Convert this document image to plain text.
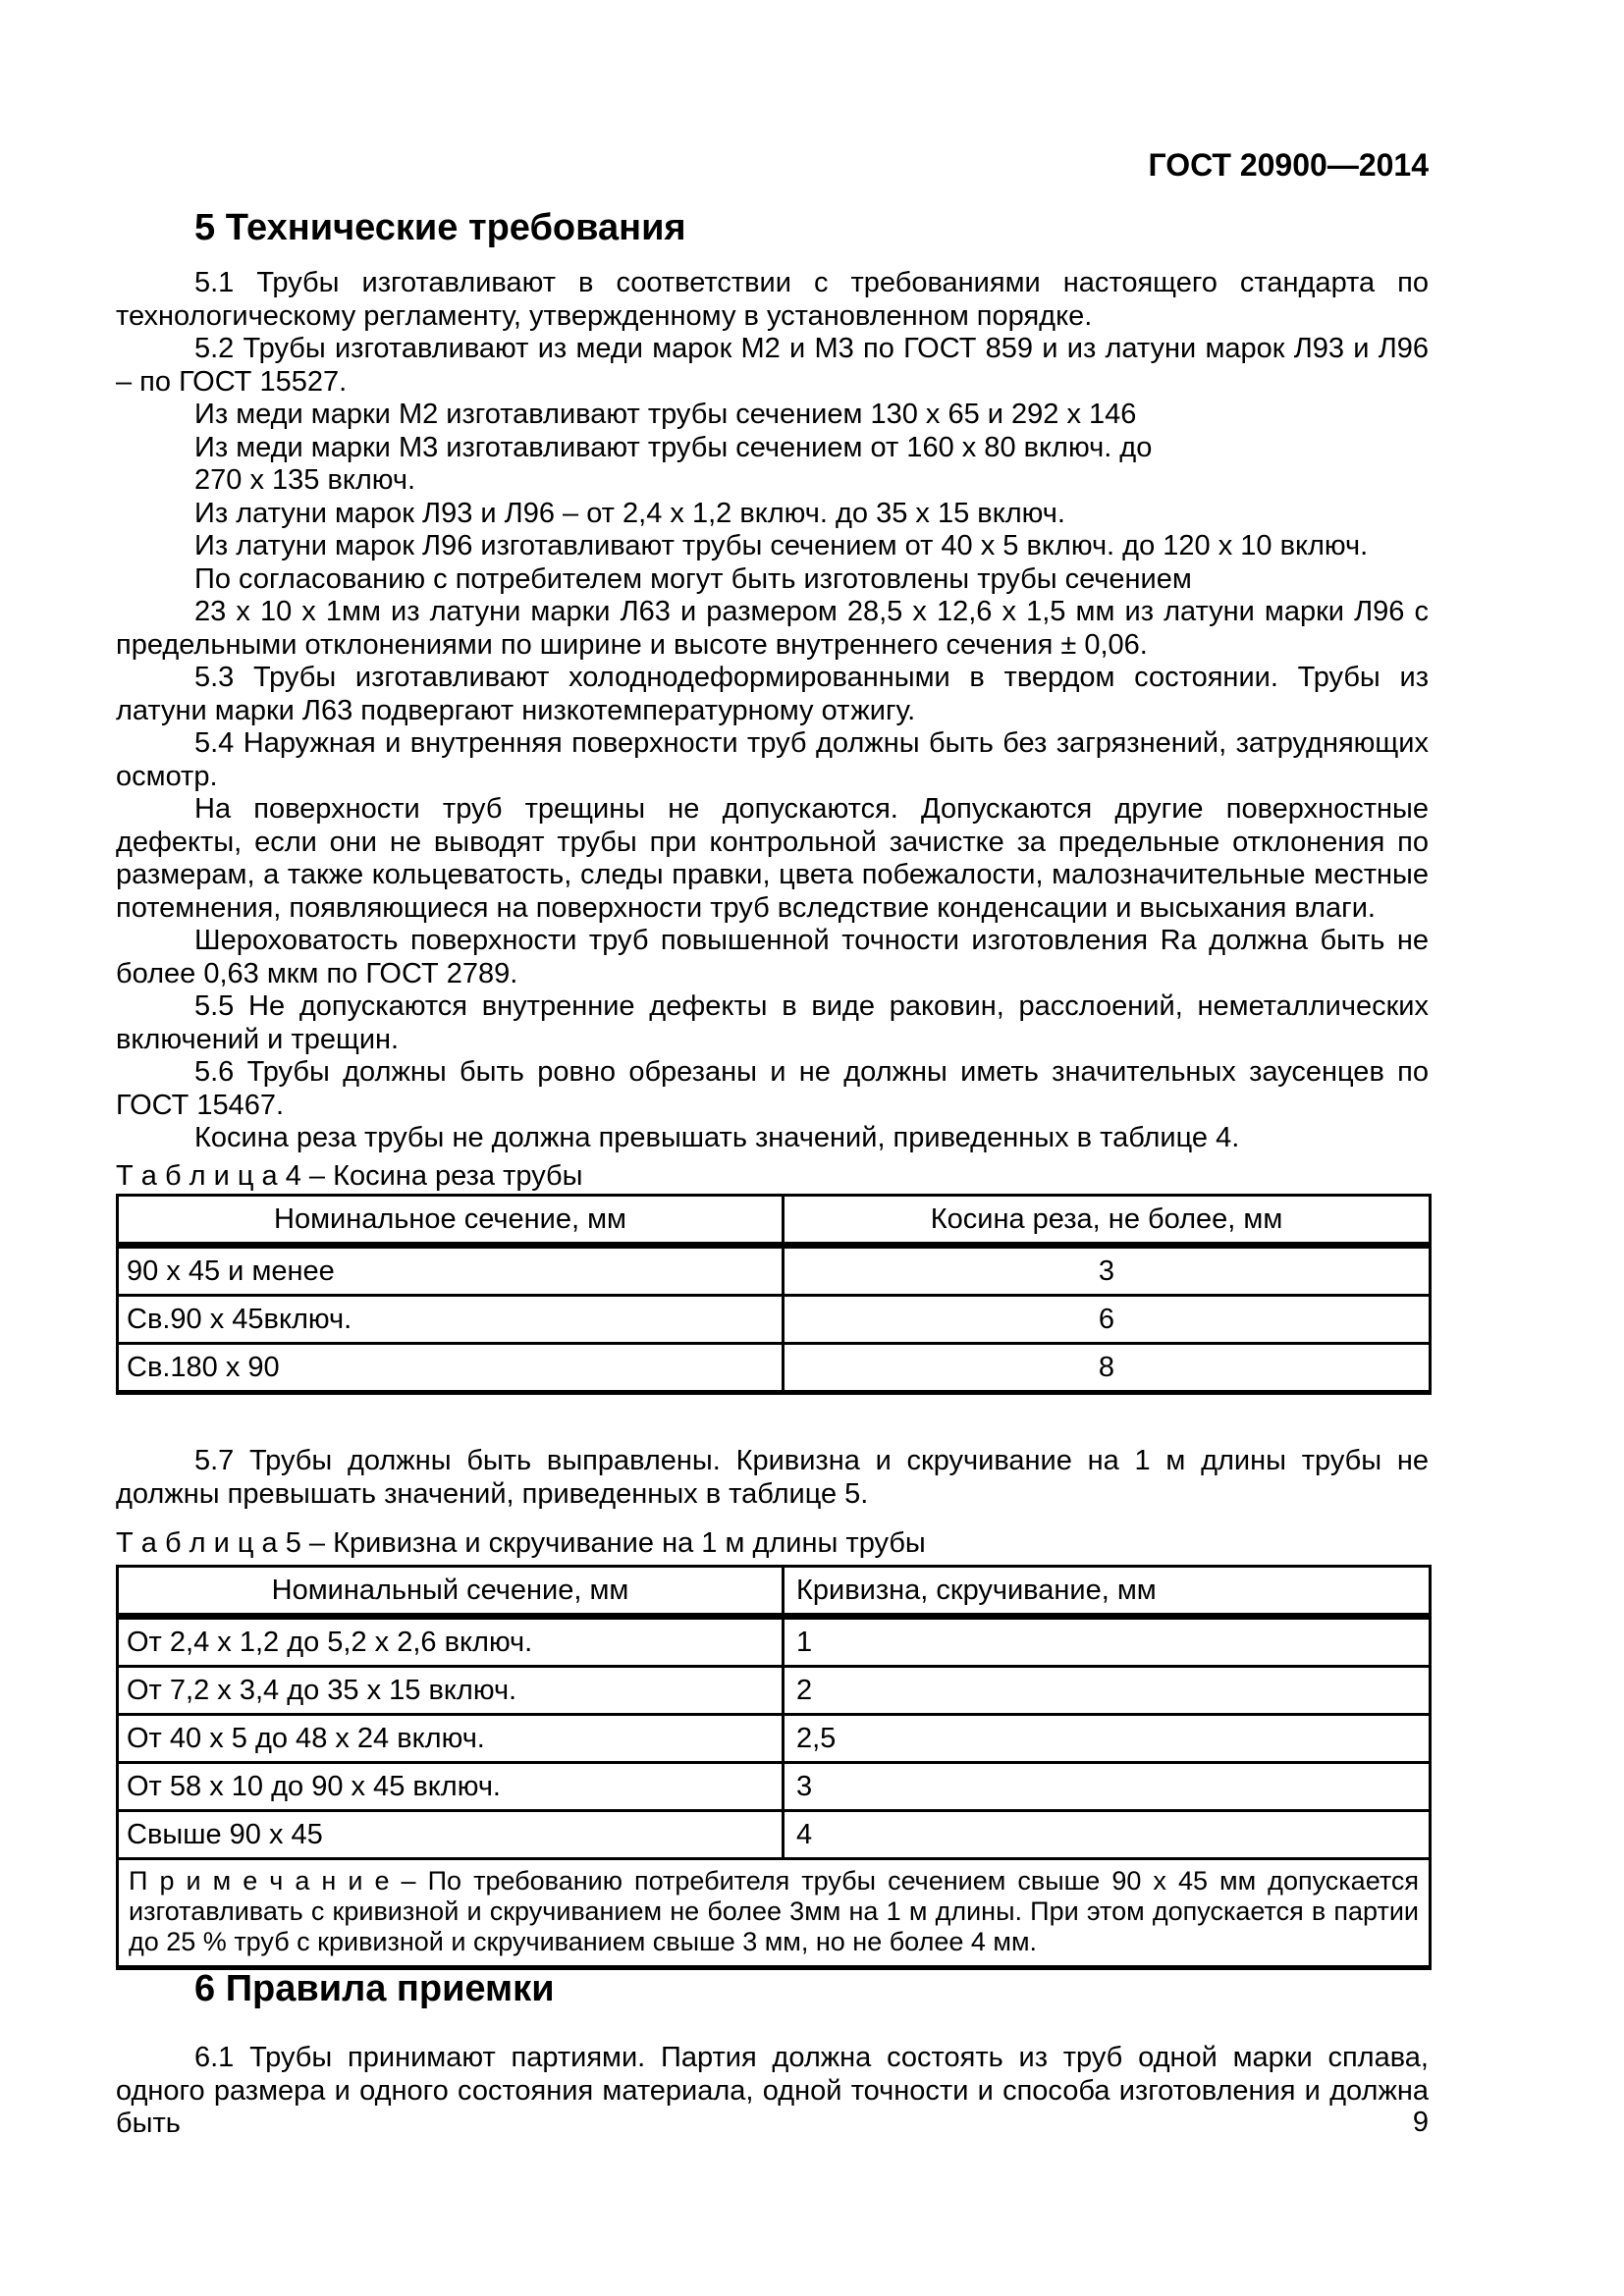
ГОСТ 20900—2014
5 Технические требования

5.1 Трубы изготавливают в соответствии с требованиями настоящего стандарта по технологическому регламенту, утвержденному в установленном порядке.

5.2 Трубы изготавливают из меди марок М2 и М3 по ГОСТ 859 и из латуни марок Л93 и Л96 – по ГОСТ 15527.

Из меди марки М2 изготавливают трубы сечением 130 х 65 и 292 х 146

Из меди марки М3 изготавливают трубы сечением от 160 х 80 включ. до

270 х 135 включ.

Из латуни марок Л93 и Л96 – от 2,4 х 1,2 включ. до 35 х 15 включ.

Из латуни марок Л96 изготавливают трубы сечением от 40 х 5 включ. до 120 х 10 включ.

По согласованию с потребителем могут быть изготовлены трубы сечением

23 х 10 х 1мм из латуни марки Л63 и размером 28,5 х 12,6 х 1,5 мм из латуни марки Л96 с предельными отклонениями по ширине и высоте внутреннего сечения ± 0,06.

5.3 Трубы изготавливают холоднодеформированными в твердом состоянии. Трубы из латуни марки Л63 подвергают низкотемпературному отжигу.

5.4 Наружная и внутренняя поверхности труб должны быть без загрязнений, затрудняющих осмотр.

На поверхности труб трещины не допускаются. Допускаются другие поверхностные дефекты, если они не выводят трубы при контрольной зачистке за предельные отклонения по размерам, а также кольцеватость, следы правки, цвета побежалости, малозначительные местные потемнения, появляющиеся на поверхности труб вследствие конденсации и высыхания влаги.

Шероховатость поверхности труб повышенной точности изготовления Ra должна быть не более 0,63 мкм по ГОСТ 2789.

5.5 Не допускаются внутренние дефекты в виде раковин, расслоений, неметаллических включений и трещин.

5.6 Трубы должны быть ровно обрезаны и не должны иметь значительных заусенцев по ГОСТ 15467.

Косина реза трубы не должна превышать значений, приведенных в таблице 4.

Т а б л и ц а 4 – Косина реза трубы
Номинальное сечение, мм	Косина реза, не более, мм
90 х 45 и менее	3
Св.90 х 45включ.	6
Св.180 х 90	8

5.7 Трубы должны быть выправлены. Кривизна и скручивание на 1 м длины трубы не должны превышать значений, приведенных в таблице 5.

Т а б л и ц а 5 – Кривизна и скручивание на 1 м длины трубы
Номинальный сечение, мм	Кривизна, скручивание, мм
От 2,4 х 1,2 до 5,2 х 2,6 включ.	1
От 7,2 х 3,4 до 35 х 15 включ.	2
От 40 х 5 до 48 х 24 включ.	2,5
От 58 х 10 до 90 х 45 включ.	3
Свыше 90 х 45	4
П р и м е ч а н и е – По требованию потребителя трубы сечением свыше 90 х 45 мм допускается изготавливать с кривизной и скручиванием не более 3мм на 1 м длины. При этом допускается в партии до 25 % труб с кривизной и скручиванием свыше 3 мм, но не более 4 мм.	
6 Правила приемки

6.1 Трубы принимают партиями. Партия должна состоять из труб одной марки сплава, одного размера и одного состояния материала, одной точности и способа изготовления и должна быть	9
